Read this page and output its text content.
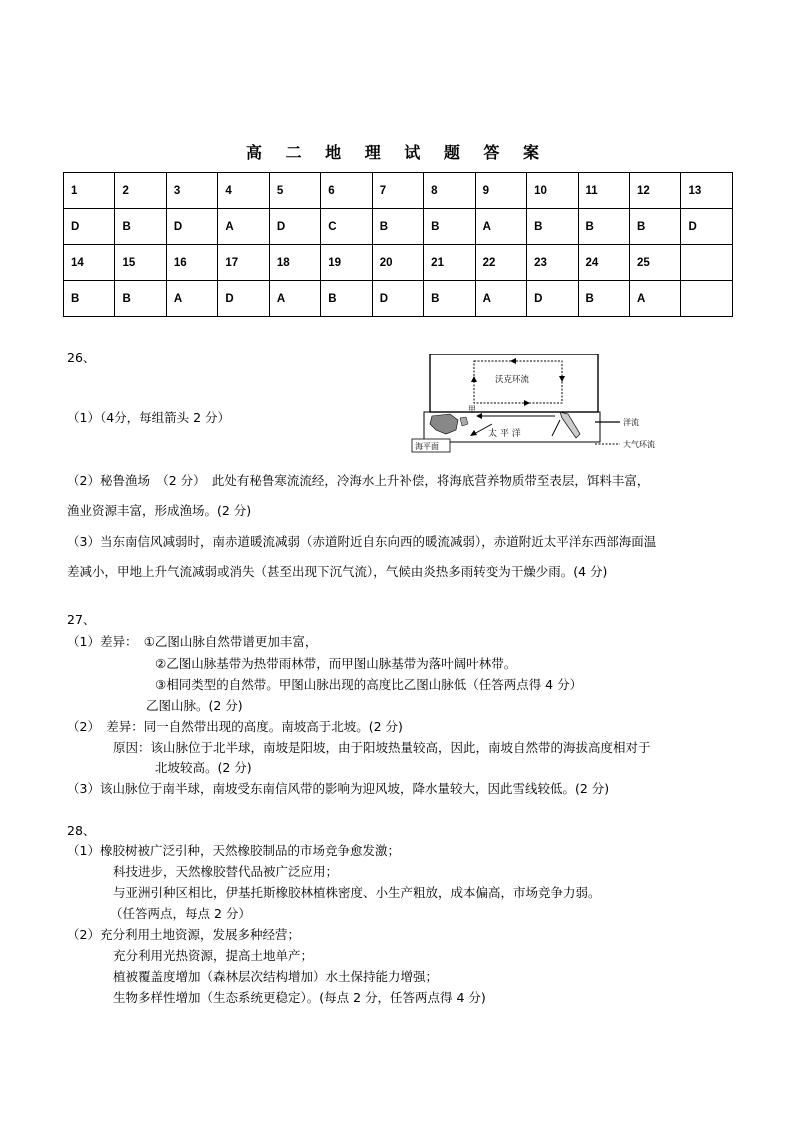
高 二 地 理 试 题 答 案
1	2	3	4	5	6	7	8	9	10	11	12	13
D	B	D	A	D	C	B	B	A	B	B	B	D
14	15	16	17	18	19	20	21	22	23	24	25	
B	B	A	D	A	B	D	B	A	D	B	A	
26、
（1）（4分，每组箭头 2 分）
沃克环流
甲
太 平 洋
海平面
洋流
大气环流
（2）秘鲁渔场　（2 分）　此处有秘鲁寒流流经，冷海水上升补偿，将海底营养物质带至表层，饵料丰富，
渔业资源丰富，形成渔场。(2 分)
（3）当东南信风减弱时，南赤道暖流减弱（赤道附近自东向西的暖流减弱），赤道附近太平洋东西部海面温
差减小，甲地上升气流减弱或消失（甚至出现下沉气流），气候由炎热多雨转变为干燥少雨。(4 分)
27、
（1）差异：　①乙图山脉自然带谱更加丰富，
②乙图山脉基带为热带雨林带，而甲图山脉基带为落叶阔叶林带。
③相同类型的自然带。甲图山脉出现的高度比乙图山脉低（任答两点得 4 分）
乙图山脉。(2 分)
（2）　差异：同一自然带出现的高度。南坡高于北坡。(2 分)
原因：该山脉位于北半球，南坡是阳坡，由于阳坡热量较高，因此，南坡自然带的海拔高度相对于
北坡较高。(2 分)
（3）该山脉位于南半球，南坡受东南信风带的影响为迎风坡，降水量较大，因此雪线较低。(2 分)
28、
（1）橡胶树被广泛引种，天然橡胶制品的市场竞争愈发激；
科技进步，天然橡胶替代品被广泛应用；
与亚洲引种区相比，伊基托斯橡胶林植株密度、小生产粗放，成本偏高，市场竞争力弱。
（任答两点，每点 2 分）
（2）充分利用土地资源，发展多种经营；
充分利用光热资源，提高土地单产；
植被覆盖度增加（森林层次结构增加）水土保持能力增强；
生物多样性增加（生态系统更稳定）。(每点 2 分，任答两点得 4 分)
